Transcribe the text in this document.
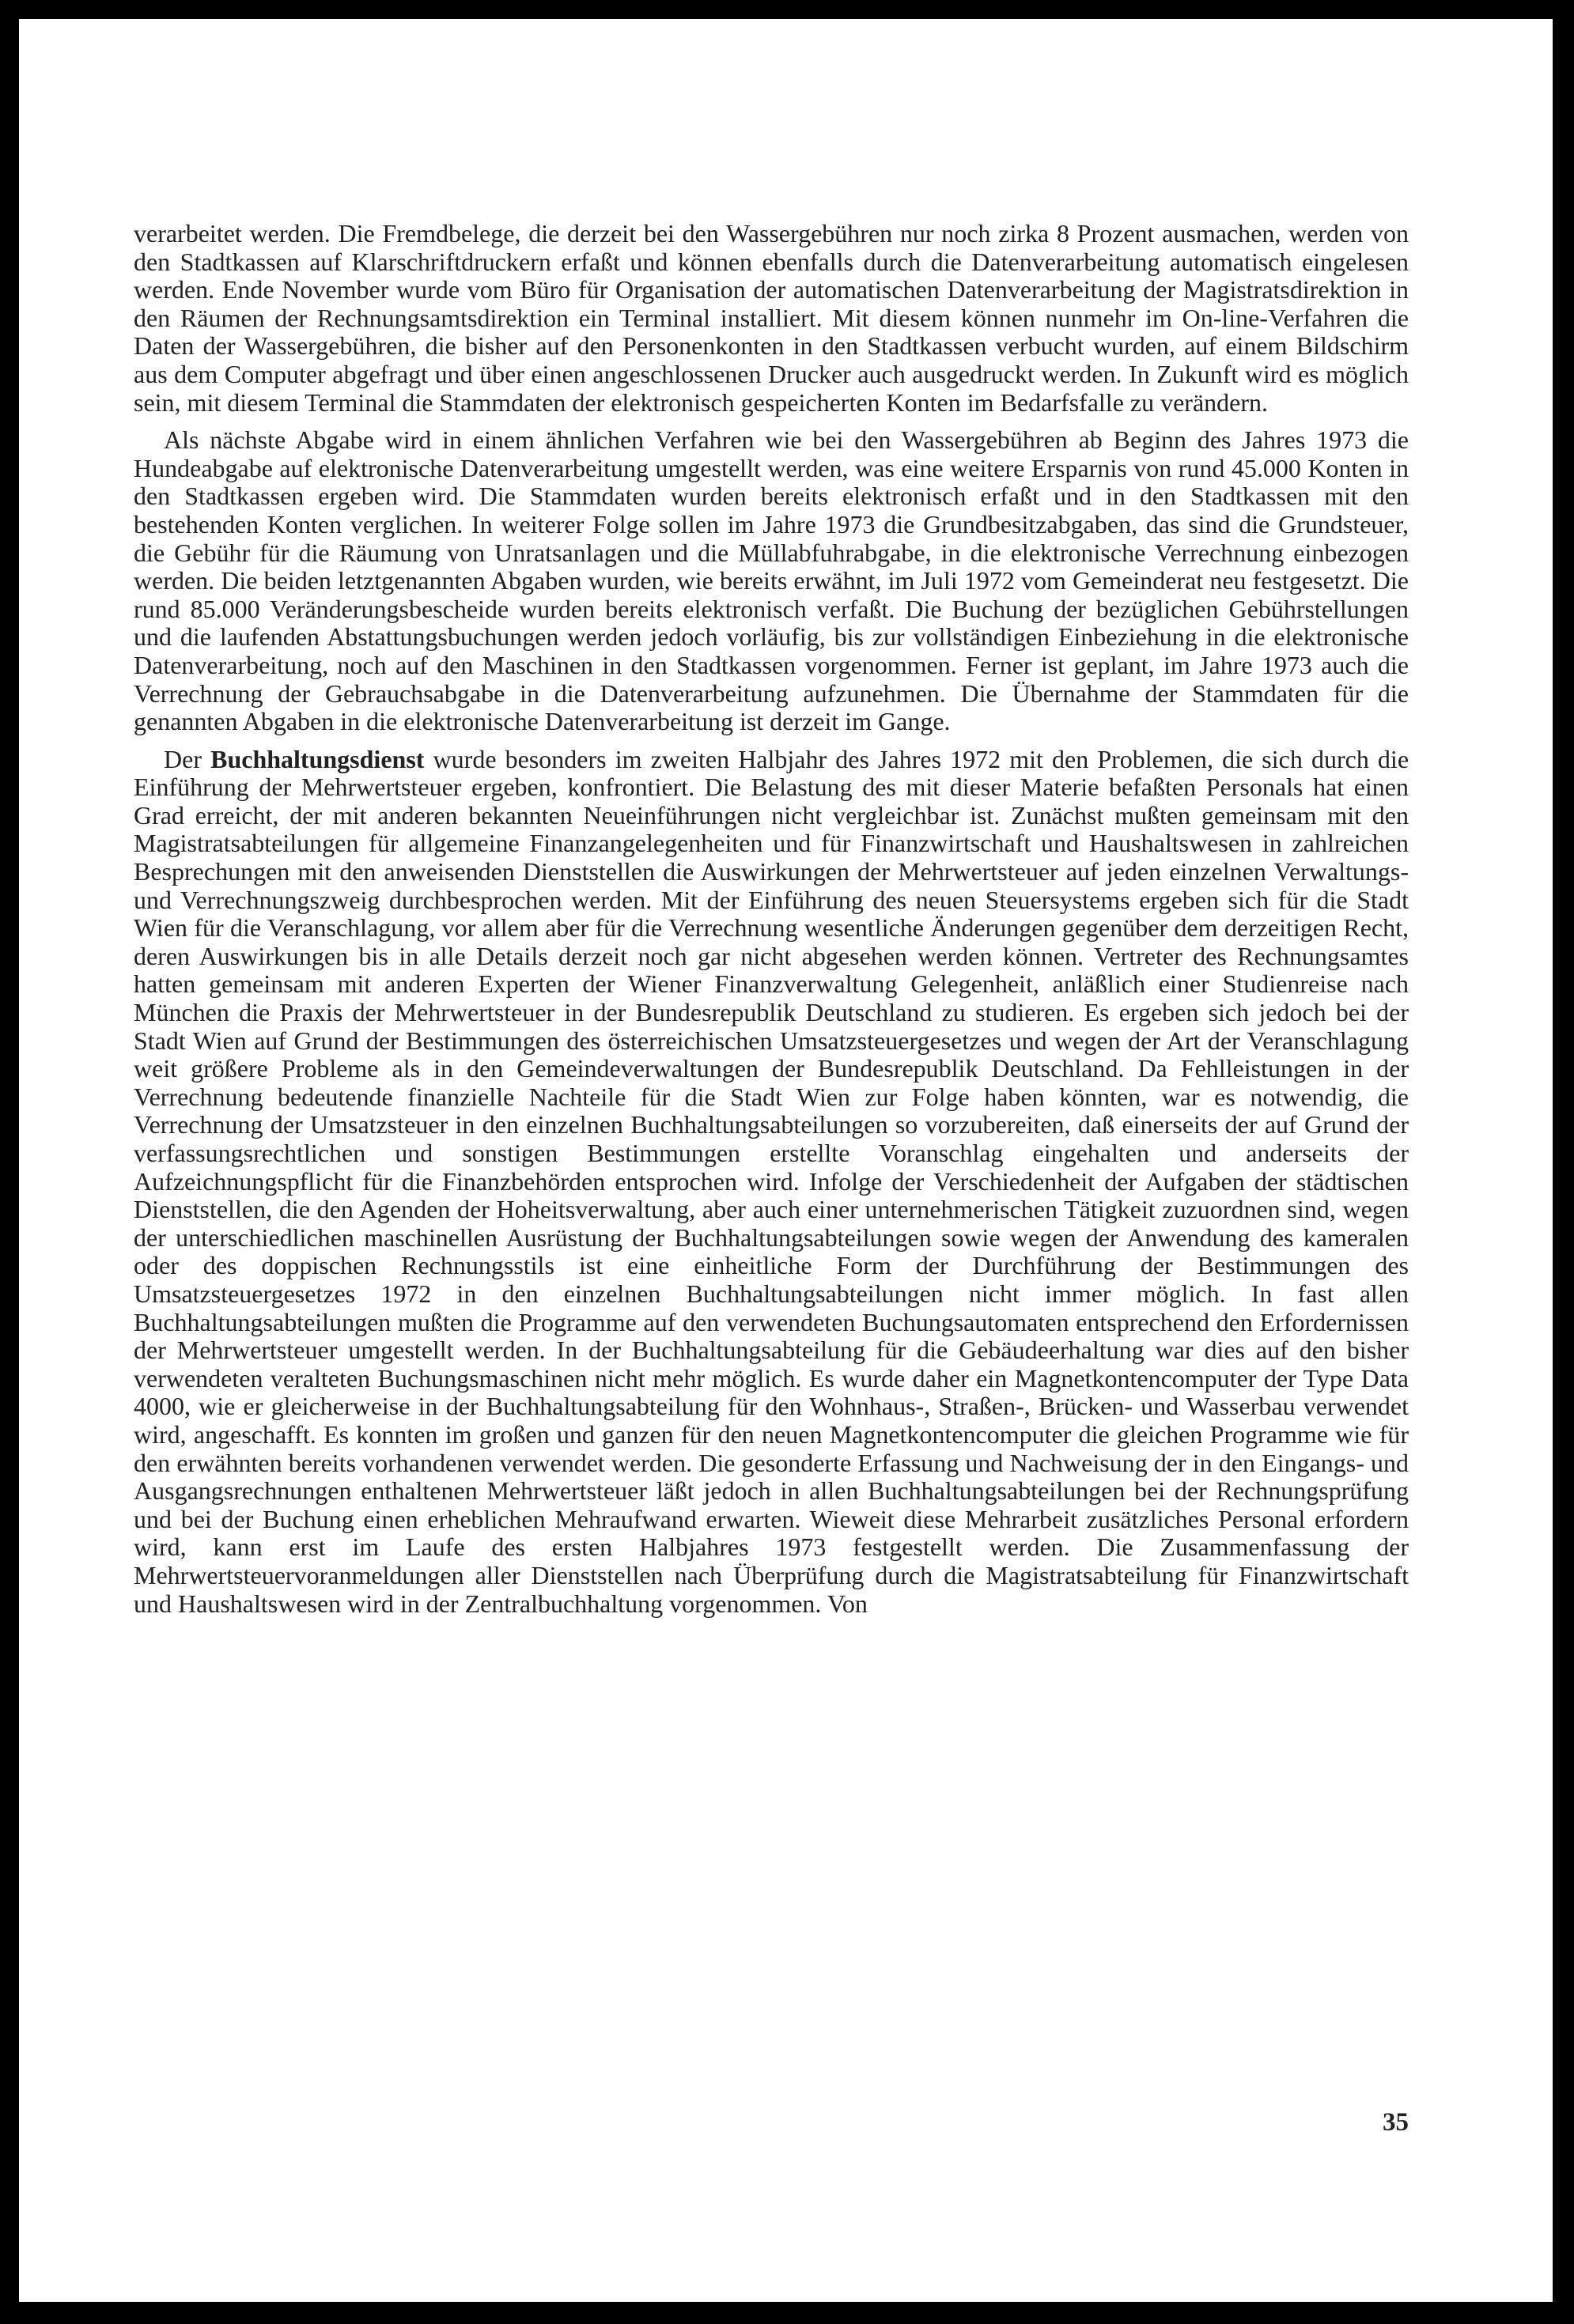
verarbeitet werden. Die Fremdbelege, die derzeit bei den Wassergebühren nur noch zirka 8 Prozent ausmachen, werden von den Stadtkassen auf Klarschriftdruckern erfaßt und können ebenfalls durch die Datenverarbeitung automatisch eingelesen werden. Ende November wurde vom Büro für Organisation der automatischen Datenverarbeitung der Magistratsdirektion in den Räumen der Rechnungsamtsdirektion ein Terminal installiert. Mit diesem können nunmehr im On-line-Verfahren die Daten der Wassergebühren, die bisher auf den Personenkonten in den Stadtkassen verbucht wurden, auf einem Bildschirm aus dem Computer abgefragt und über einen angeschlossenen Drucker auch ausgedruckt werden. In Zukunft wird es möglich sein, mit diesem Terminal die Stammdaten der elektronisch gespeicherten Konten im Bedarfsfalle zu verändern.

Als nächste Abgabe wird in einem ähnlichen Verfahren wie bei den Wassergebühren ab Beginn des Jahres 1973 die Hundeabgabe auf elektronische Datenverarbeitung umgestellt werden, was eine weitere Ersparnis von rund 45.000 Konten in den Stadtkassen ergeben wird. Die Stammdaten wurden bereits elektronisch erfaßt und in den Stadtkassen mit den bestehenden Konten verglichen. In weiterer Folge sollen im Jahre 1973 die Grundbesitzabgaben, das sind die Grundsteuer, die Gebühr für die Räumung von Unratsanlagen und die Müllabfuhrabgabe, in die elektronische Verrechnung einbezogen werden. Die beiden letztgenannten Abgaben wurden, wie bereits erwähnt, im Juli 1972 vom Gemeinderat neu festgesetzt. Die rund 85.000 Veränderungsbescheide wurden bereits elektronisch verfaßt. Die Buchung der bezüglichen Gebührstellungen und die laufenden Abstattungsbuchungen werden jedoch vorläufig, bis zur vollständigen Einbeziehung in die elektronische Datenverarbeitung, noch auf den Maschinen in den Stadtkassen vorgenommen. Ferner ist geplant, im Jahre 1973 auch die Verrechnung der Gebrauchsabgabe in die Datenverarbeitung aufzunehmen. Die Übernahme der Stammdaten für die genannten Abgaben in die elektronische Datenverarbeitung ist derzeit im Gange.

Der Buchhaltungsdienst wurde besonders im zweiten Halbjahr des Jahres 1972 mit den Problemen, die sich durch die Einführung der Mehrwertsteuer ergeben, konfrontiert. Die Belastung des mit dieser Materie befaßten Personals hat einen Grad erreicht, der mit anderen bekannten Neueinführungen nicht vergleichbar ist. Zunächst mußten gemeinsam mit den Magistratsabteilungen für allgemeine Finanzangelegenheiten und für Finanzwirtschaft und Haushaltswesen in zahlreichen Besprechungen mit den anweisenden Dienststellen die Auswirkungen der Mehrwertsteuer auf jeden einzelnen Verwaltungs- und Verrechnungszweig durchbesprochen werden. Mit der Einführung des neuen Steuersystems ergeben sich für die Stadt Wien für die Veranschlagung, vor allem aber für die Verrechnung wesentliche Änderungen gegenüber dem derzeitigen Recht, deren Auswirkungen bis in alle Details derzeit noch gar nicht abgesehen werden können. Vertreter des Rechnungsamtes hatten gemeinsam mit anderen Experten der Wiener Finanzverwaltung Gelegenheit, anläßlich einer Studienreise nach München die Praxis der Mehrwertsteuer in der Bundesrepublik Deutschland zu studieren. Es ergeben sich jedoch bei der Stadt Wien auf Grund der Bestimmungen des österreichischen Umsatzsteuergesetzes und wegen der Art der Veranschlagung weit größere Probleme als in den Gemeindeverwaltungen der Bundesrepublik Deutschland. Da Fehlleistungen in der Verrechnung bedeutende finanzielle Nachteile für die Stadt Wien zur Folge haben könnten, war es notwendig, die Verrechnung der Umsatzsteuer in den einzelnen Buchhaltungsabteilungen so vorzubereiten, daß einerseits der auf Grund der verfassungsrechtlichen und sonstigen Bestimmungen erstellte Voranschlag eingehalten und anderseits der Aufzeichnungspflicht für die Finanzbehörden entsprochen wird. Infolge der Verschiedenheit der Aufgaben der städtischen Dienststellen, die den Agenden der Hoheitsverwaltung, aber auch einer unternehmerischen Tätigkeit zuzuordnen sind, wegen der unterschiedlichen maschinellen Ausrüstung der Buchhaltungsabteilungen sowie wegen der Anwendung des kameralen oder des doppischen Rechnungsstils ist eine einheitliche Form der Durchführung der Bestimmungen des Umsatzsteuergesetzes 1972 in den einzelnen Buchhaltungsabteilungen nicht immer möglich. In fast allen Buchhaltungsabteilungen mußten die Programme auf den verwendeten Buchungsautomaten entsprechend den Erfordernissen der Mehrwertsteuer umgestellt werden. In der Buchhaltungsabteilung für die Gebäudeerhaltung war dies auf den bisher verwendeten veralteten Buchungsmaschinen nicht mehr möglich. Es wurde daher ein Magnetkontencomputer der Type Data 4000, wie er gleicherweise in der Buchhaltungsabteilung für den Wohnhaus-, Straßen-, Brücken- und Wasserbau verwendet wird, angeschafft. Es konnten im großen und ganzen für den neuen Magnetkontencomputer die gleichen Programme wie für den erwähnten bereits vorhandenen verwendet werden. Die gesonderte Erfassung und Nachweisung der in den Eingangs- und Ausgangsrechnungen enthaltenen Mehrwertsteuer läßt jedoch in allen Buchhaltungsabteilungen bei der Rechnungsprüfung und bei der Buchung einen erheblichen Mehraufwand erwarten. Wieweit diese Mehrarbeit zusätzliches Personal erfordern wird, kann erst im Laufe des ersten Halbjahres 1973 festgestellt werden. Die Zusammenfassung der Mehrwertsteuervoranmeldungen aller Dienststellen nach Überprüfung durch die Magistratsabteilung für Finanzwirtschaft und Haushaltswesen wird in der Zentralbuchhaltung vorgenommen. Von

35
